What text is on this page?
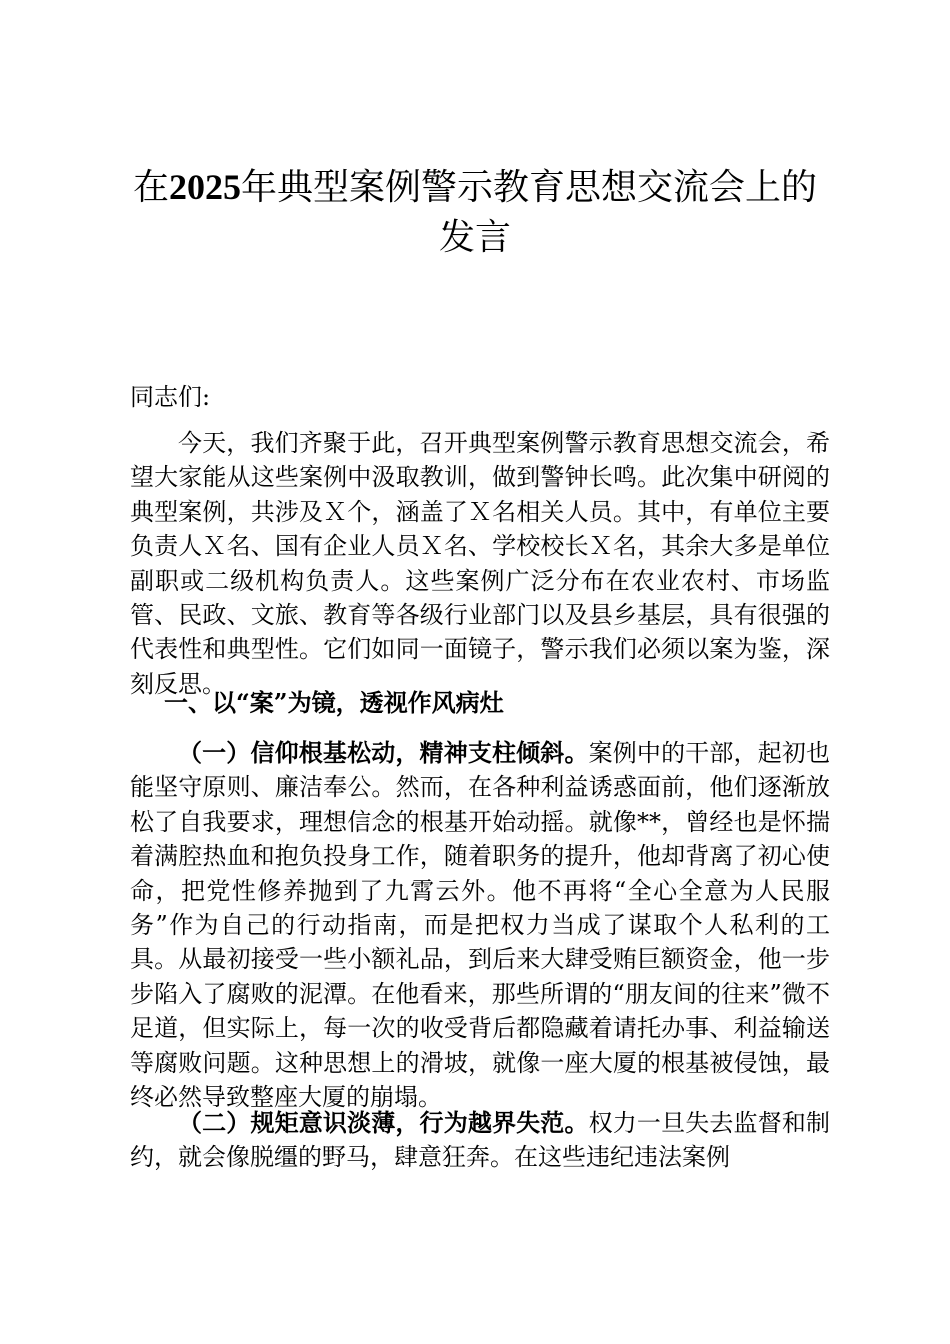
在2025年典型案例警示教育思想交流会上的发言
同志们:

今天，我们齐聚于此，召开典型案例警示教育思想交流会，希望大家能从这些案例中汲取教训，做到警钟长鸣。此次集中研阅的典型案例，共涉及Ｘ个，涵盖了Ｘ名相关人员。其中，有单位主要负责人Ｘ名、国有企业人员Ｘ名、学校校长Ｘ名，其余大多是单位副职或二级机构负责人。这些案例广泛分布在农业农村、市场监管、民政、文旅、教育等各级行业部门以及县乡基层，具有很强的代表性和典型性。它们如同一面镜子，警示我们必须以案为鉴，深刻反思。

一、以“案”为镜，透视作风病灶

（一）信仰根基松动，精神支柱倾斜。案例中的干部，起初也能坚守原则、廉洁奉公。然而，在各种利益诱惑面前，他们逐渐放松了自我要求，理想信念的根基开始动摇。就像**，曾经也是怀揣着满腔热血和抱负投身工作，随着职务的提升，他却背离了初心使命，把党性修养抛到了九霄云外。他不再将“全心全意为人民服务”作为自己的行动指南，而是把权力当成了谋取个人私利的工具。从最初接受一些小额礼品，到后来大肆受贿巨额资金，他一步步陷入了腐败的泥潭。在他看来，那些所谓的“朋友间的往来”微不足道，但实际上，每一次的收受背后都隐藏着请托办事、利益输送等腐败问题。这种思想上的滑坡，就像一座大厦的根基被侵蚀，最终必然导致整座大厦的崩塌。

（二）规矩意识淡薄，行为越界失范。权力一旦失去监督和制约，就会像脱缰的野马，肆意狂奔。在这些违纪违法案例
